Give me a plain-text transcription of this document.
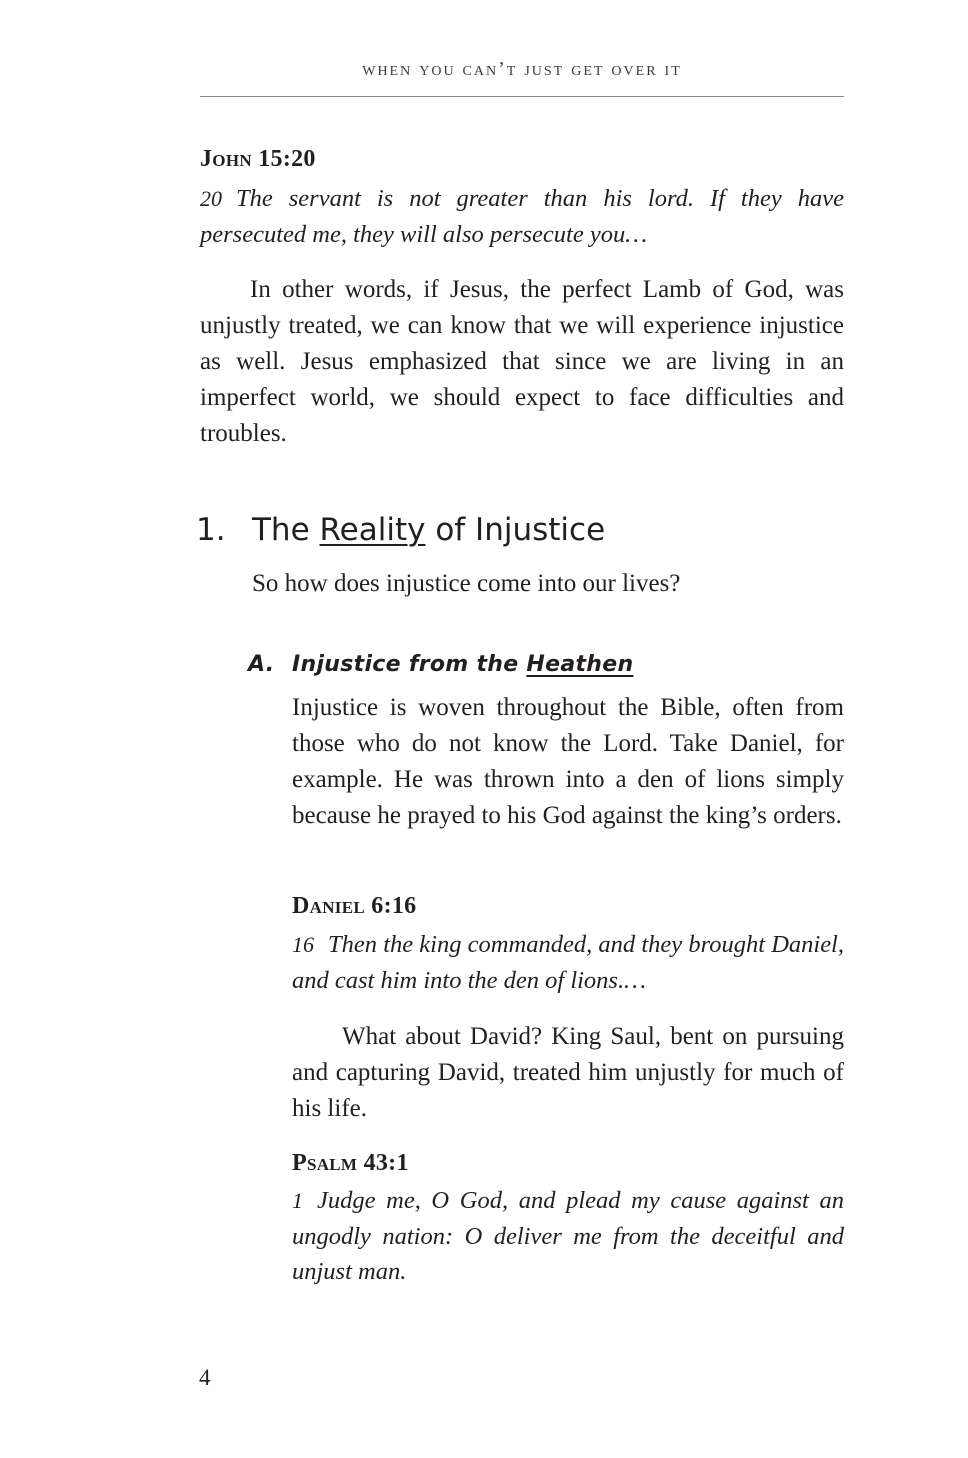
when you can’t just get over it
John 15:20
20 The servant is not greater than his lord. If they have persecuted me, they will also persecute you…

In other words, if Jesus, the perfect Lamb of God, was unjustly treated, we can know that we will experience injustice as well. Jesus emphasized that since we are living in an imperfect world, we should expect to face difficulties and troubles.

1. The Reality of Injustice

So how does injustice come into our lives?

A. Injustice from the Heathen

Injustice is woven throughout the Bible, often from those who do not know the Lord. Take Daniel, for example. He was thrown into a den of lions simply because he prayed to his God against the king’s orders.

Daniel 6:16
16 Then the king commanded, and they brought Daniel, and cast him into the den of lions.…

What about David? King Saul, bent on pursuing and capturing David, treated him unjustly for much of his life.

Psalm 43:1
1 Judge me, O God, and plead my cause against an ungodly nation: O deliver me from the deceitful and unjust man.
4
